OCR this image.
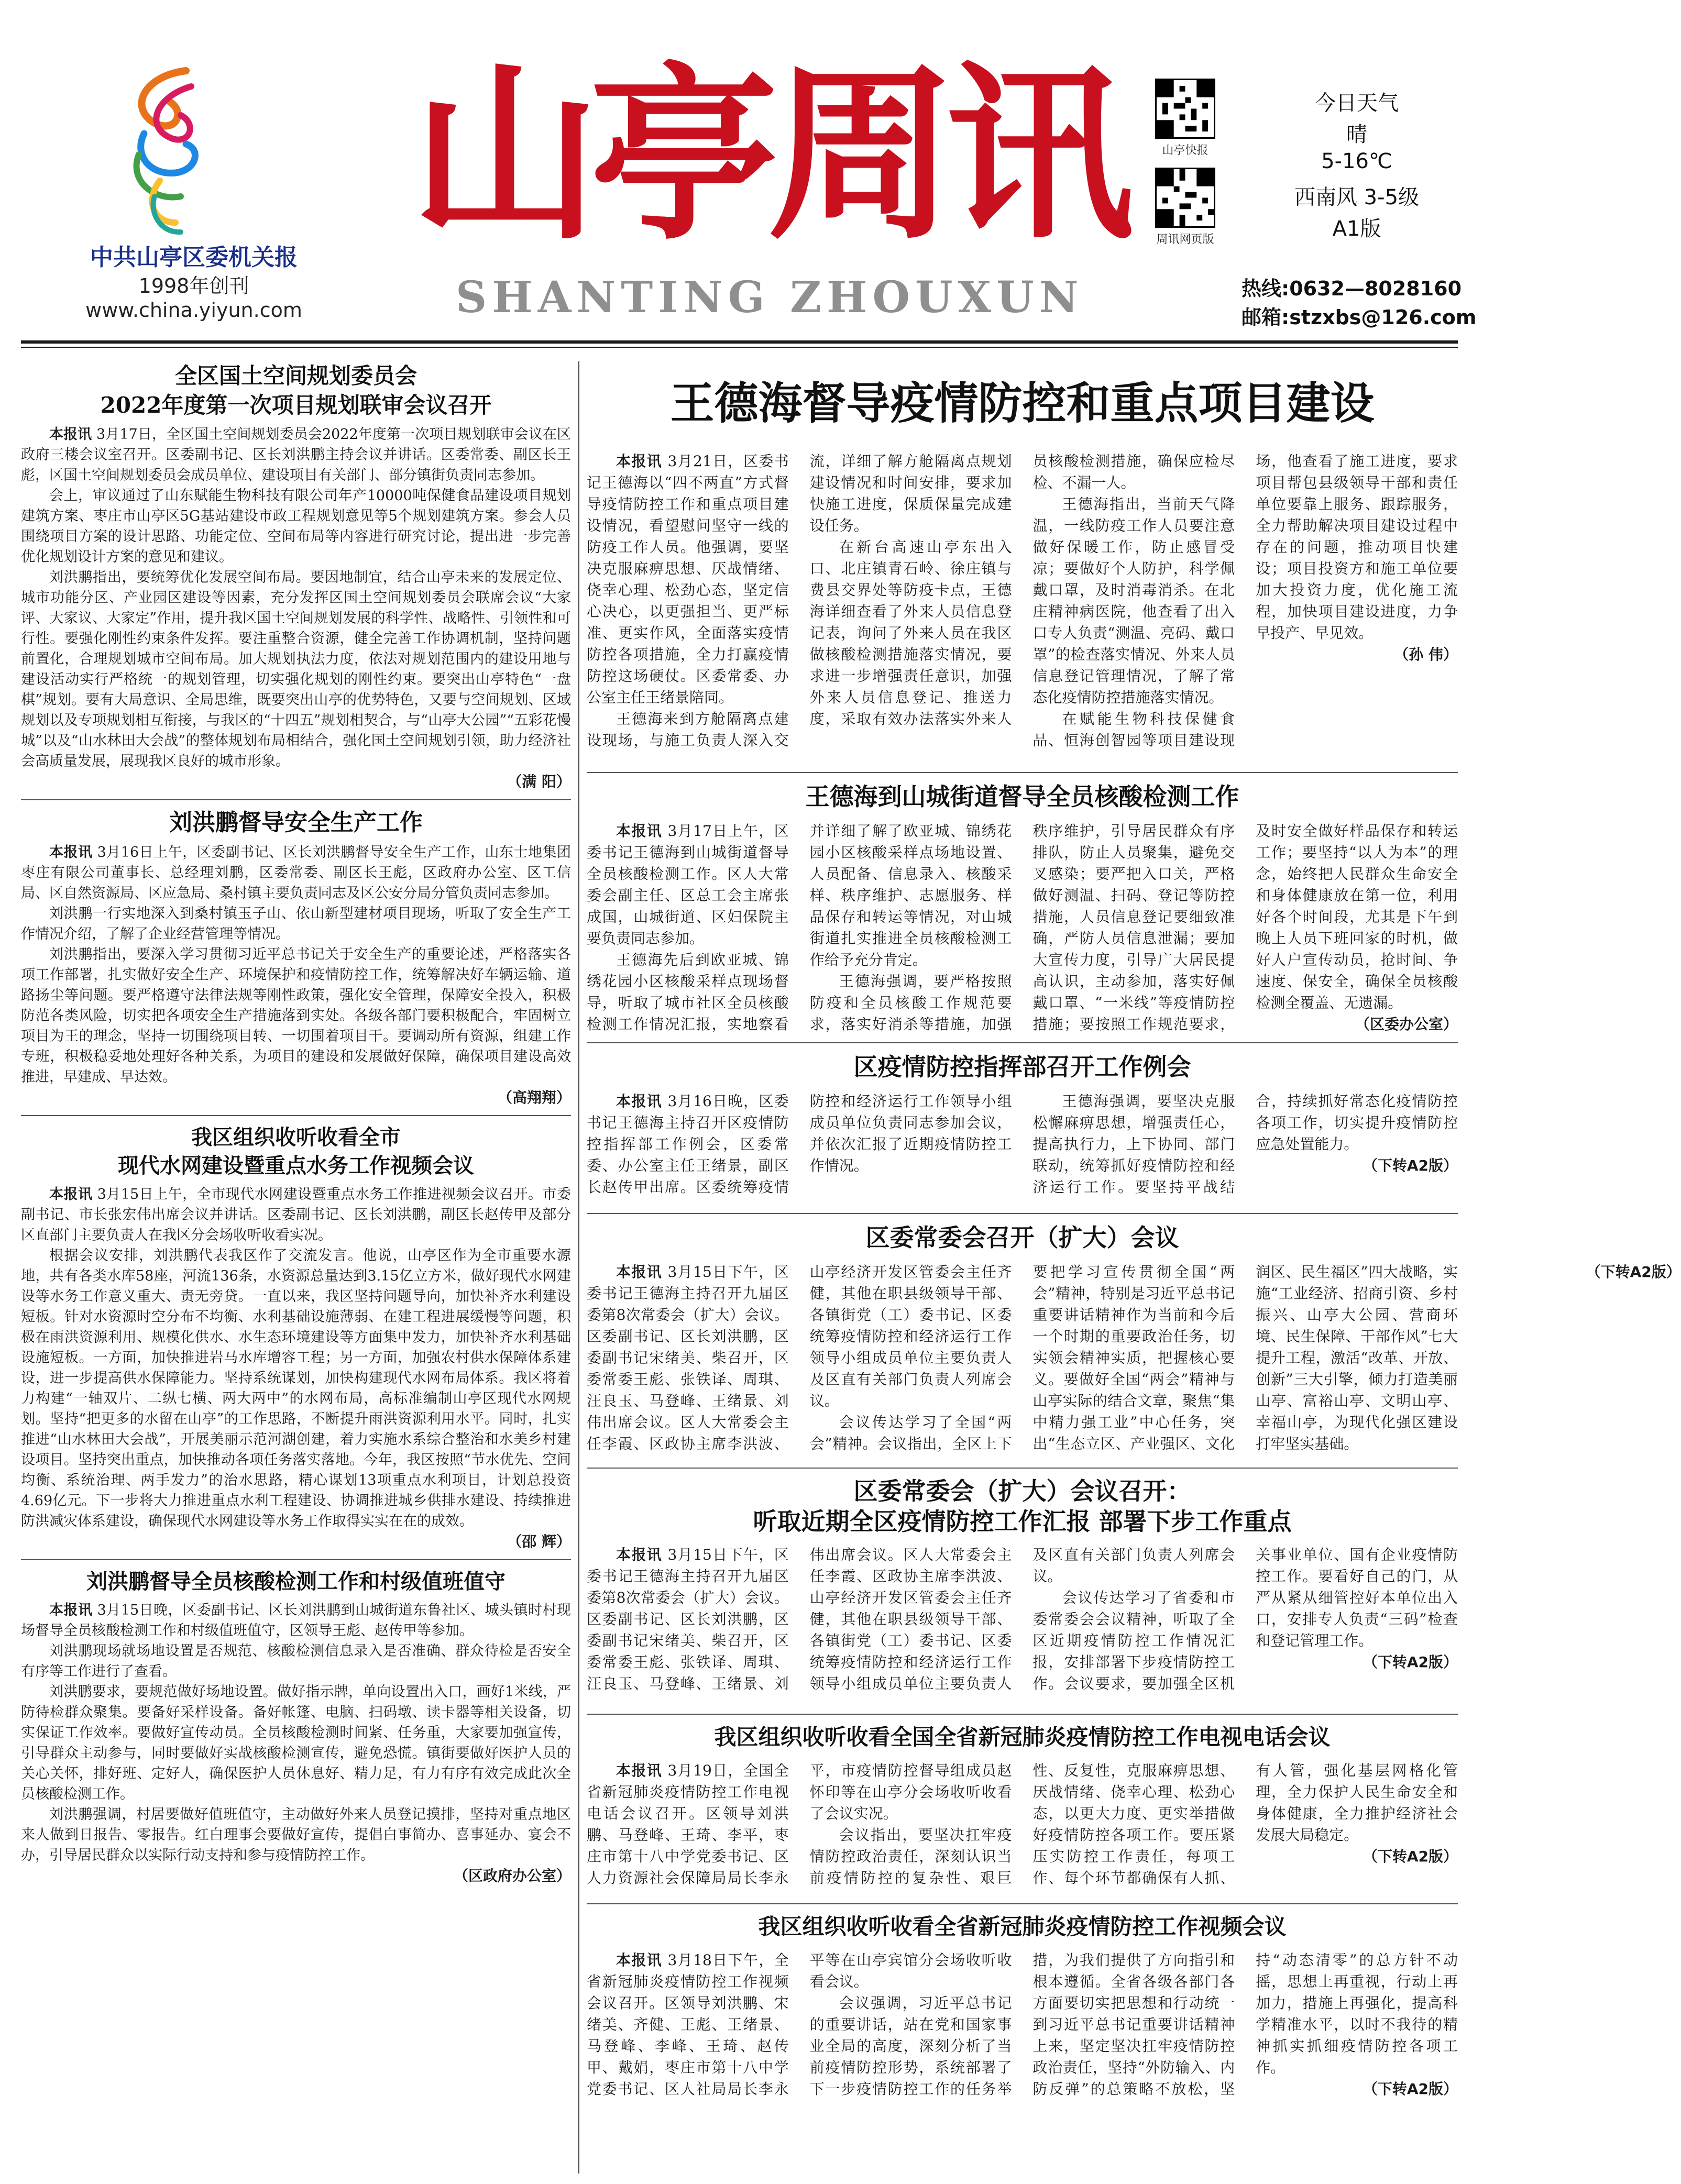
中共山亭区委机关报
1998年创刊
www.china.yiyun.com
山亭周讯
SHANTING ZHOUXUN
山亭快报
周讯网页版
今日天气
晴
5-16℃
西南风 3-5级
A1版
热线:0632—8028160
邮箱:stzxbs@126.com
全区国土空间规划委员会
2022年度第一次项目规划联审会议召开

本报讯 3月17日，全区国土空间规划委员会2022年度第一次项目规划联审会议在区政府三楼会议室召开。区委副书记、区长刘洪鹏主持会议并讲话。区委常委、副区长王彪，区国土空间规划委员会成员单位、建设项目有关部门、部分镇街负责同志参加。

会上，审议通过了山东赋能生物科技有限公司年产10000吨保健食品建设项目规划建筑方案、枣庄市山亭区5G基站建设市政工程规划意见等5个规划建筑方案。参会人员围绕项目方案的设计思路、功能定位、空间布局等内容进行研究讨论，提出进一步完善优化规划设计方案的意见和建议。

刘洪鹏指出，要统筹优化发展空间布局。要因地制宜，结合山亭未来的发展定位、城市功能分区、产业园区建设等因素，充分发挥区国土空间规划委员会联席会议“大家评、大家议、大家定”作用，提升我区国土空间规划发展的科学性、战略性、引领性和可行性。要强化刚性约束条件发挥。要注重整合资源，健全完善工作协调机制，坚持问题前置化，合理规划城市空间布局。加大规划执法力度，依法对规划范围内的建设用地与建设活动实行严格统一的规划管理，切实强化规划的刚性约束。要突出山亭特色“一盘棋”规划。要有大局意识、全局思维，既要突出山亭的优势特色，又要与空间规划、区域规划以及专项规划相互衔接，与我区的“十四五”规划相契合，与“山亭大公园”“五彩花慢城”以及“山水林田大会战”的整体规划布局相结合，强化国土空间规划引领，助力经济社会高质量发展，展现我区良好的城市形象。

（满 阳）

刘洪鹏督导安全生产工作

本报讯 3月16日上午，区委副书记、区长刘洪鹏督导安全生产工作，山东士地集团枣庄有限公司董事长、总经理刘鹏，区委常委、副区长王彪，区政府办公室、区工信局、区自然资源局、区应急局、桑村镇主要负责同志及区公安分局分管负责同志参加。

刘洪鹏一行实地深入到桑村镇玉子山、依山新型建材项目现场，听取了安全生产工作情况介绍，了解了企业经营管理等情况。

刘洪鹏指出，要深入学习贯彻习近平总书记关于安全生产的重要论述，严格落实各项工作部署，扎实做好安全生产、环境保护和疫情防控工作，统筹解决好车辆运输、道路扬尘等问题。要严格遵守法律法规等刚性政策，强化安全管理，保障安全投入，积极防范各类风险，切实把各项安全生产措施落到实处。各级各部门要积极配合，牢固树立项目为王的理念，坚持一切围绕项目转、一切围着项目干。要调动所有资源，组建工作专班，积极稳妥地处理好各种关系，为项目的建设和发展做好保障，确保项目建设高效推进，早建成、早达效。

（高翔翔）

我区组织收听收看全市
现代水网建设暨重点水务工作视频会议

本报讯 3月15日上午，全市现代水网建设暨重点水务工作推进视频会议召开。市委副书记、市长张宏伟出席会议并讲话。区委副书记、区长刘洪鹏，副区长赵传甲及部分区直部门主要负责人在我区分会场收听收看实况。

根据会议安排，刘洪鹏代表我区作了交流发言。他说，山亭区作为全市重要水源地，共有各类水库58座，河流136条，水资源总量达到3.15亿立方米，做好现代水网建设等水务工作意义重大、责无旁贷。一直以来，我区坚持问题导向，加快补齐水利建设短板。针对水资源时空分布不均衡、水利基础设施薄弱、在建工程进展缓慢等问题，积极在雨洪资源利用、规模化供水、水生态环境建设等方面集中发力，加快补齐水利基础设施短板。一方面，加快推进岩马水库增容工程；另一方面，加强农村供水保障体系建设，进一步提高供水保障能力。坚持系统谋划，加快构建现代水网布局体系。我区将着力构建“一轴双片、二纵七横、两大两中”的水网布局，高标准编制山亭区现代水网规划。坚持“把更多的水留在山亭”的工作思路，不断提升雨洪资源利用水平。同时，扎实推进“山水林田大会战”，开展美丽示范河湖创建，着力实施水系综合整治和水美乡村建设项目。坚持突出重点，加快推动各项任务落实落地。今年，我区按照“节水优先、空间均衡、系统治理、两手发力”的治水思路，精心谋划13项重点水利项目，计划总投资4.69亿元。下一步将大力推进重点水利工程建设、协调推进城乡供排水建设、持续推进防洪减灾体系建设，确保现代水网建设等水务工作取得实实在在的成效。

（邵 辉）

刘洪鹏督导全员核酸检测工作和村级值班值守

本报讯 3月15日晚，区委副书记、区长刘洪鹏到山城街道东鲁社区、城头镇时村现场督导全员核酸检测工作和村级值班值守，区领导王彪、赵传甲等参加。

刘洪鹏现场就场地设置是否规范、核酸检测信息录入是否准确、群众待检是否安全有序等工作进行了查看。

刘洪鹏要求，要规范做好场地设置。做好指示牌，单向设置出入口，画好1米线，严防待检群众聚集。要备好采样设备。备好帐篷、电脑、扫码墩、读卡器等相关设备，切实保证工作效率。要做好宣传动员。全员核酸检测时间紧、任务重，大家要加强宣传，引导群众主动参与，同时要做好实战核酸检测宣传，避免恐慌。镇街要做好医护人员的关心关怀，排好班、定好人，确保医护人员休息好、精力足，有力有序有效完成此次全员核酸检测工作。

刘洪鹏强调，村居要做好值班值守，主动做好外来人员登记摸排，坚持对重点地区来人做到日报告、零报告。红白理事会要做好宣传，提倡白事简办、喜事延办、宴会不办，引导居民群众以实际行动支持和参与疫情防控工作。

（区政府办公室）

王德海督导疫情防控和重点项目建设

本报讯 3月21日，区委书记王德海以“四不两直”方式督导疫情防控工作和重点项目建设情况，看望慰问坚守一线的防疫工作人员。他强调，要坚决克服麻痹思想、厌战情绪、侥幸心理、松劲心态，坚定信心决心，以更强担当、更严标准、更实作风，全面落实疫情防控各项措施，全力打赢疫情防控这场硬仗。区委常委、办公室主任王绪景陪同。

王德海来到方舱隔离点建设现场，与施工负责人深入交流，详细了解方舱隔离点规划建设情况和时间安排，要求加快施工进度，保质保量完成建设任务。

在新台高速山亭东出入口、北庄镇青石岭、徐庄镇与费县交界处等防疫卡点，王德海详细查看了外来人员信息登记表，询问了外来人员在我区做核酸检测措施落实情况，要求进一步增强责任意识，加强外来人员信息登记、推送力度，采取有效办法落实外来人员核酸检测措施，确保应检尽检、不漏一人。

王德海指出，当前天气降温，一线防疫工作人员要注意做好保暖工作，防止感冒受凉；要做好个人防护，科学佩戴口罩，及时消毒消杀。在北庄精神病医院，他查看了出入口专人负责“测温、亮码、戴口罩”的检查落实情况、外来人员信息登记管理情况，了解了常态化疫情防控措施落实情况。

在赋能生物科技保健食品、恒海创智园等项目建设现场，他查看了施工进度，要求项目帮包县级领导干部和责任单位要靠上服务、跟踪服务，全力帮助解决项目建设过程中存在的问题，推动项目快建设；项目投资方和施工单位要加大投资力度，优化施工流程，加快项目建设进度，力争早投产、早见效。

（孙 伟）

王德海到山城街道督导全员核酸检测工作

本报讯 3月17日上午，区委书记王德海到山城街道督导全员核酸检测工作。区人大常委会副主任、区总工会主席张成国，山城街道、区妇保院主要负责同志参加。

王德海先后到欧亚城、锦绣花园小区核酸采样点现场督导，听取了城市社区全员核酸检测工作情况汇报，实地察看并详细了解了欧亚城、锦绣花园小区核酸采样点场地设置、人员配备、信息录入、核酸采样、秩序维护、志愿服务、样品保存和转运等情况，对山城街道扎实推进全员核酸检测工作给予充分肯定。

王德海强调，要严格按照防疫和全员核酸工作规范要求，落实好消杀等措施，加强秩序维护，引导居民群众有序排队，防止人员聚集，避免交叉感染；要严把入口关，严格做好测温、扫码、登记等防控措施，人员信息登记要细致准确，严防人员信息泄漏；要加大宣传力度，引导广大居民提高认识，主动参加，落实好佩戴口罩、“一米线”等疫情防控措施；要按照工作规范要求，及时安全做好样品保存和转运工作；要坚持“以人为本”的理念，始终把人民群众生命安全和身体健康放在第一位，利用好各个时间段，尤其是下午到晚上人员下班回家的时机，做好人户宣传动员，抢时间、争速度、保安全，确保全员核酸检测全覆盖、无遗漏。

（区委办公室）

区疫情防控指挥部召开工作例会

本报讯 3月16日晚，区委书记王德海主持召开区疫情防控指挥部工作例会，区委常委、办公室主任王绪景，副区长赵传甲出席。区委统筹疫情防控和经济运行工作领导小组成员单位负责同志参加会议，并依次汇报了近期疫情防控工作情况。

王德海强调，要坚决克服松懈麻痹思想，增强责任心，提高执行力，上下协同、部门联动，统筹抓好疫情防控和经济运行工作。要坚持平战结合，持续抓好常态化疫情防控各项工作，切实提升疫情防控应急处置能力。

（下转A2版）

区委常委会召开（扩大）会议

本报讯 3月15日下午，区委书记王德海主持召开九届区委第8次常委会（扩大）会议。区委副书记、区长刘洪鹏，区委副书记宋绪美、柴召开，区委常委王彪、张铁译、周琪、汪良玉、马登峰、王绪景、刘伟出席会议。区人大常委会主任李霞、区政协主席李洪波、山亭经济开发区管委会主任齐健，其他在职县级领导干部、各镇街党（工）委书记、区委统筹疫情防控和经济运行工作领导小组成员单位主要负责人及区直有关部门负责人列席会议。

会议传达学习了全国“两会”精神。会议指出，全区上下要把学习宣传贯彻全国“两会”精神，特别是习近平总书记重要讲话精神作为当前和今后一个时期的重要政治任务，切实领会精神实质，把握核心要义。要做好全国“两会”精神与山亭实际的结合文章，聚焦“集中精力强工业”中心任务，突出“生态立区、产业强区、文化润区、民生福区”四大战略，实施“工业经济、招商引资、乡村振兴、山亭大公园、营商环境、民生保障、干部作风”七大提升工程，激活“改革、开放、创新”三大引擎，倾力打造美丽山亭、富裕山亭、文明山亭、幸福山亭，为现代化强区建设打牢坚实基础。

（下转A2版）

区委常委会（扩大）会议召开：
听取近期全区疫情防控工作汇报 部署下步工作重点

本报讯 3月15日下午，区委书记王德海主持召开九届区委第8次常委会（扩大）会议。区委副书记、区长刘洪鹏，区委副书记宋绪美、柴召开，区委常委王彪、张铁译、周琪、汪良玉、马登峰、王绪景、刘伟出席会议。区人大常委会主任李霞、区政协主席李洪波、山亭经济开发区管委会主任齐健，其他在职县级领导干部、各镇街党（工）委书记、区委统筹疫情防控和经济运行工作领导小组成员单位主要负责人及区直有关部门负责人列席会议。

会议传达学习了省委和市委常委会会议精神，听取了全区近期疫情防控工作情况汇报，安排部署下步疫情防控工作。会议要求，要加强全区机关事业单位、国有企业疫情防控工作。要看好自己的门，从严从紧从细管控好本单位出入口，安排专人负责“三码”检查和登记管理工作。

（下转A2版）

我区组织收听收看全国全省新冠肺炎疫情防控工作电视电话会议

本报讯 3月19日，全国全省新冠肺炎疫情防控工作电视电话会议召开。区领导刘洪鹏、马登峰、王琦、李平，枣庄市第十八中学党委书记、区人力资源社会保障局局长李永平，市疫情防控督导组成员赵怀印等在山亭分会场收听收看了会议实况。

会议指出，要坚决扛牢疫情防控政治责任，深刻认识当前疫情防控的复杂性、艰巨性、反复性，克服麻痹思想、厌战情绪、侥幸心理、松劲心态，以更大力度、更实举措做好疫情防控各项工作。要压紧压实防控工作责任，每项工作、每个环节都确保有人抓、有人管，强化基层网格化管理，全力保护人民生命安全和身体健康，全力推护经济社会发展大局稳定。

（下转A2版）

我区组织收听收看全省新冠肺炎疫情防控工作视频会议

本报讯 3月18日下午，全省新冠肺炎疫情防控工作视频会议召开。区领导刘洪鹏、宋绪美、齐健、王彪、王绪景、马登峰、李峰、王琦、赵传甲、戴娟，枣庄市第十八中学党委书记、区人社局局长李永平等在山亭宾馆分会场收听收看会议。

会议强调，习近平总书记的重要讲话，站在党和国家事业全局的高度，深刻分析了当前疫情防控形势，系统部署了下一步疫情防控工作的任务举措，为我们提供了方向指引和根本遵循。全省各级各部门各方面要切实把思想和行动统一到习近平总书记重要讲话精神上来，坚定坚决扛牢疫情防控政治责任，坚持“外防输入、内防反弹”的总策略不放松，坚持“动态清零”的总方针不动摇，思想上再重视，行动上再加力，措施上再强化，提高科学精准水平，以时不我待的精神抓实抓细疫情防控各项工作。

（下转A2版）
